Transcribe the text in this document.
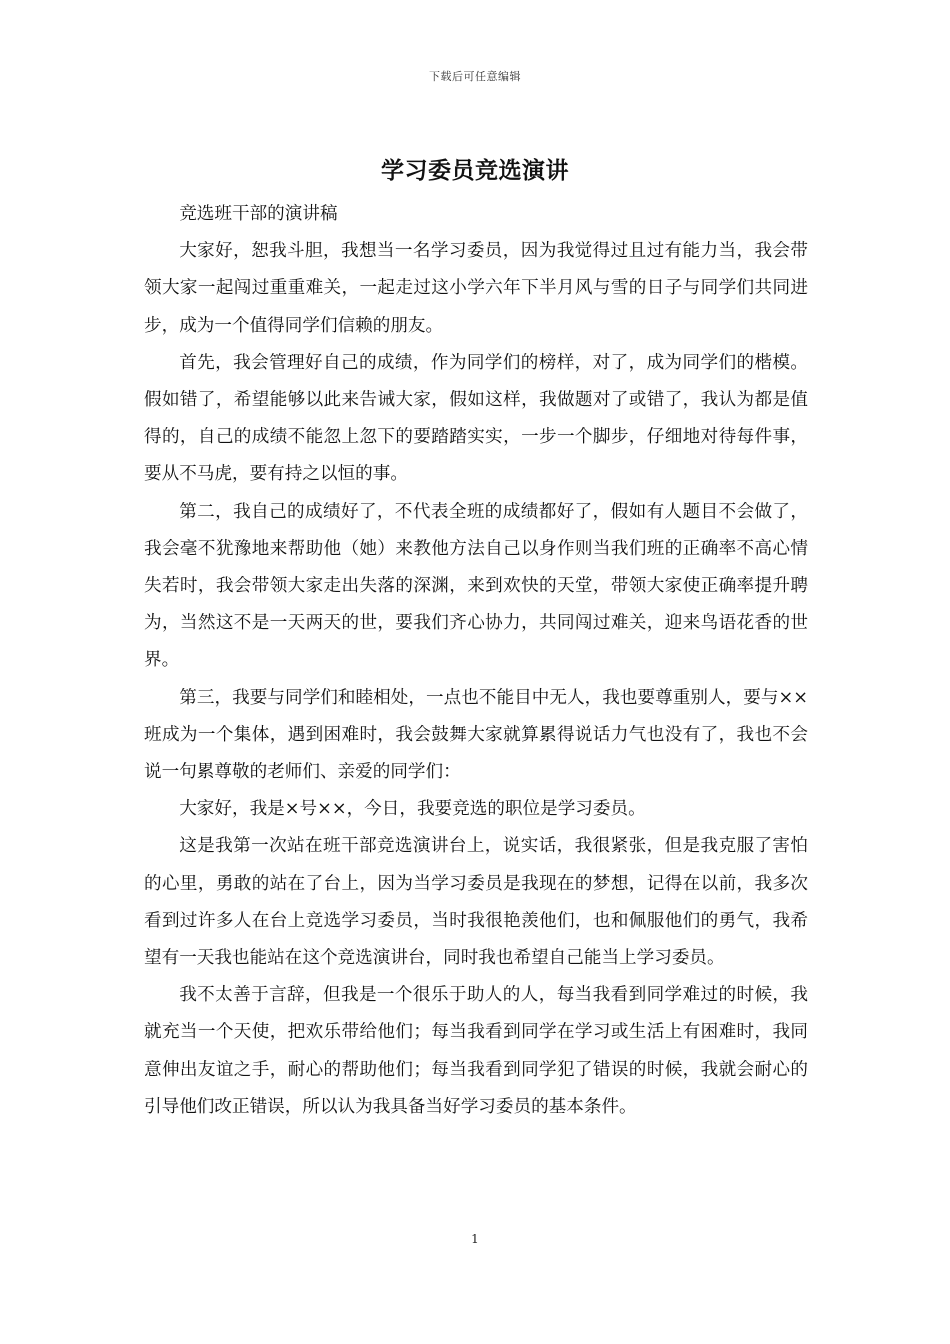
下载后可任意编辑
学习委员竞选演讲

竞选班干部的演讲稿

大家好，恕我斗胆，我想当一名学习委员，因为我觉得过且过有能力当，我会带领大家一起闯过重重难关，一起走过这小学六年下半月风与雪的日子与同学们共同进步，成为一个值得同学们信赖的朋友。

首先，我会管理好自己的成绩，作为同学们的榜样，对了，成为同学们的楷模。假如错了，希望能够以此来告诫大家，假如这样，我做题对了或错了，我认为都是值得的，自己的成绩不能忽上忽下的要踏踏实实，一步一个脚步，仔细地对待每件事，要从不马虎，要有持之以恒的事。

第二，我自己的成绩好了，不代表全班的成绩都好了，假如有人题目不会做了，我会毫不犹豫地来帮助他（她）来教他方法自己以身作则当我们班的正确率不高心情失若时，我会带领大家走出失落的深渊，来到欢快的天堂，带领大家使正确率提升聘为，当然这不是一天两天的世，要我们齐心协力，共同闯过难关，迎来鸟语花香的世界。

第三，我要与同学们和睦相处，一点也不能目中无人，我也要尊重别人，要与××班成为一个集体，遇到困难时，我会鼓舞大家就算累得说话力气也没有了，我也不会说一句累尊敬的老师们、亲爱的同学们：

大家好，我是×号××，今日，我要竞选的职位是学习委员。

这是我第一次站在班干部竞选演讲台上，说实话，我很紧张，但是我克服了害怕的心里，勇敢的站在了台上，因为当学习委员是我现在的梦想，记得在以前，我多次看到过许多人在台上竞选学习委员，当时我很艳羡他们，也和佩服他们的勇气，我希望有一天我也能站在这个竞选演讲台，同时我也希望自己能当上学习委员。

我不太善于言辞，但我是一个很乐于助人的人，每当我看到同学难过的时候，我就充当一个天使，把欢乐带给他们；每当我看到同学在学习或生活上有困难时，我同意伸出友谊之手，耐心的帮助他们；每当我看到同学犯了错误的时候，我就会耐心的引导他们改正错误，所以认为我具备当好学习委员的基本条件。

1
